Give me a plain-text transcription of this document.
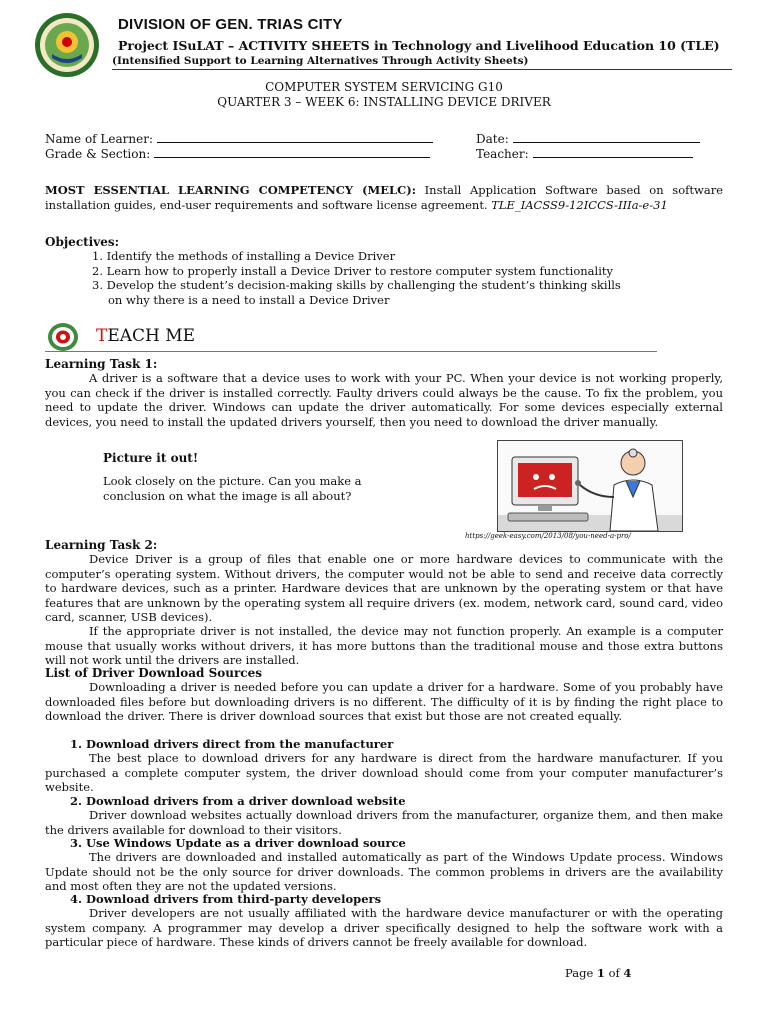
DIVISION OF GEN. TRIAS CITY
Project ISuLAT – ACTIVITY SHEETS in Technology and Livelihood Education 10 (TLE)
(Intensified Support to Learning Alternatives Through Activity Sheets)
COMPUTER SYSTEM SERVICING G10
QUARTER 3 – WEEK 6: INSTALLING DEVICE DRIVER
Name of Learner:
Grade & Section:
Date:
Teacher:
MOST ESSENTIAL LEARNING COMPETENCY (MELC): Install Application Software based on software installation guides, end-user requirements and software license agreement. TLE_IACSS9-12ICCS-IIIa-e-31
Objectives:
1. Identify the methods of installing a Device Driver
2. Learn how to properly install a Device Driver to restore computer system functionality
3. Develop the student’s decision-making skills by challenging the student’s thinking skills
on why there is a need to install a Device Driver
TEACH ME
Learning Task 1:
A driver is a software that a device uses to work with your PC. When your device is not working properly, you can check if the driver is installed correctly. Faulty drivers could always be the cause. To fix the problem, you need to update the driver. Windows can update the driver automatically. For some devices especially external devices, you need to install the updated drivers yourself, then you need to download the driver manually.
Picture it out!
Look closely on the picture. Can you make a conclusion on what the image is all about?
https://geek-easy.com/2013/08/you-need-a-pro/
Learning Task 2:
Device Driver is a group of files that enable one or more hardware devices to communicate with the computer’s operating system. Without drivers, the computer would not be able to send and receive data correctly to hardware devices, such as a printer. Hardware devices that are unknown by the operating system or that have features that are unknown by the operating system all require drivers (ex. modem, network card, sound card, video card, scanner, USB devices).
If the appropriate driver is not installed, the device may not function properly. An example is a computer mouse that usually works without drivers, it has more buttons than the traditional mouse and those extra buttons will not work until the drivers are installed.
List of Driver Download Sources
Downloading a driver is needed before you can update a driver for a hardware. Some of you probably have downloaded files before but downloading drivers is no different. The difficulty of it is by finding the right place to download the driver. There is driver download sources that exist but those are not created equally.
1. Download drivers direct from the manufacturer
The best place to download drivers for any hardware is direct from the hardware manufacturer. If you purchased a complete computer system, the driver download should come from your computer manufacturer’s website.
2. Download drivers from a driver download website
Driver download websites actually download drivers from the manufacturer, organize them, and then make the drivers available for download to their visitors.
3. Use Windows Update as a driver download source
The drivers are downloaded and installed automatically as part of the Windows Update process. Windows Update should not be the only source for driver downloads. The common problems in drivers are the availability and most often they are not the updated versions.
4. Download drivers from third-party developers
Driver developers are not usually affiliated with the hardware device manufacturer or with the operating system company. A programmer may develop a driver specifically designed to help the software work with a particular piece of hardware. These kinds of drivers cannot be freely available for download.
Page 1 of 4
